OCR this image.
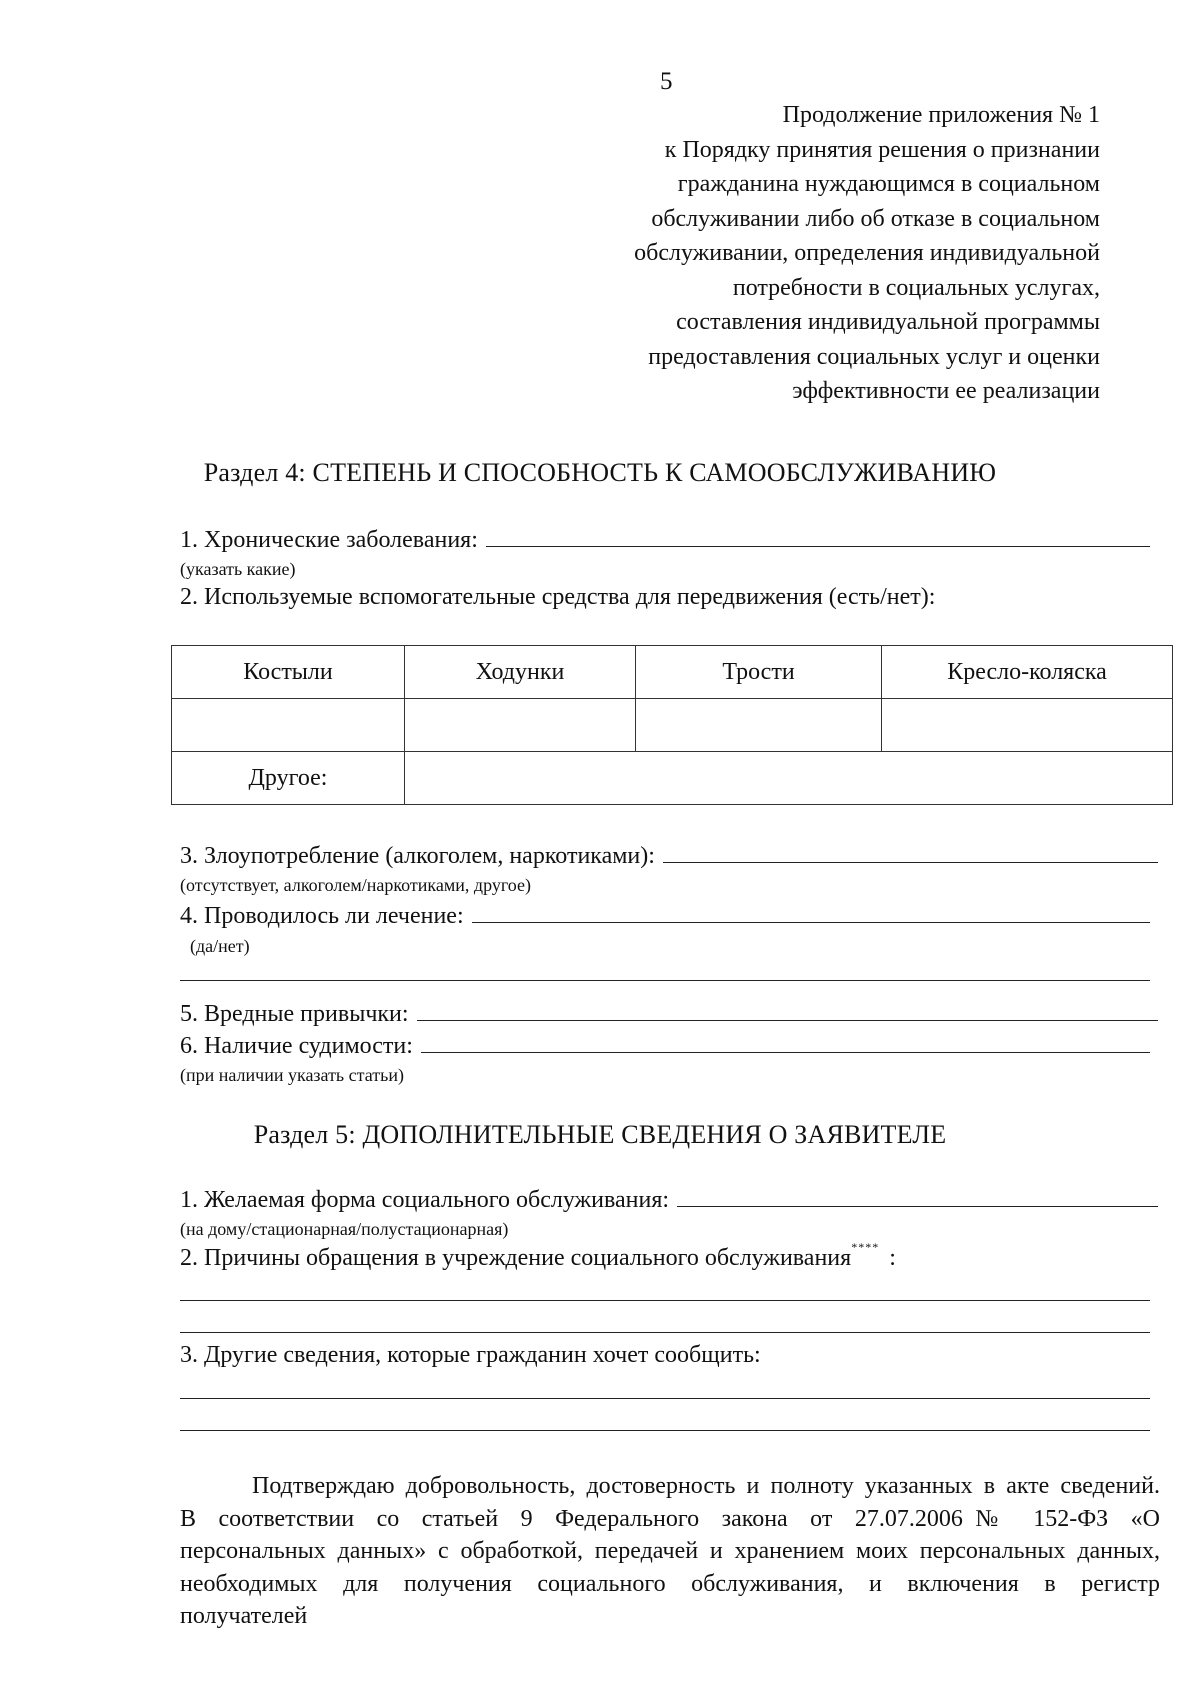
5
Продолжение приложения № 1
к Порядку принятия решения о признании
гражданина нуждающимся в социальном
обслуживании либо об отказе в социальном
обслуживании, определения индивидуальной
потребности в социальных услугах,
составления индивидуальной программы
предоставления социальных услуг и оценки
эффективности ее реализации
Раздел 4: СТЕПЕНЬ И СПОСОБНОСТЬ К САМООБСЛУЖИВАНИЮ
1. Хронические заболевания:
(указать какие)
2. Используемые вспомогательные средства для передвижения (есть/нет):
Костыли	Ходунки	Трости	Кресло-коляска

Другое:			
3. Злоупотребление (алкоголем, наркотиками):
(отсутствует, алкоголем/наркотиками, другое)
4. Проводилось ли лечение:
(да/нет)
5. Вредные привычки:
6. Наличие судимости:
(при наличии указать статьи)
Раздел 5: ДОПОЛНИТЕЛЬНЫЕ СВЕДЕНИЯ О ЗАЯВИТЕЛЕ
1. Желаемая форма социального обслуживания:
(на дому/стационарная/полустационарная)
2. Причины обращения в учреждение социального обслуживания **** :
3. Другие сведения, которые гражданин хочет сообщить:
Подтверждаю добровольность, достоверность и полноту указанных в акте сведений. В соответствии со статьей 9 Федерального закона от 27.07.2006№ 152-ФЗ «О персональных данных» с обработкой, передачей и хранением моих персональных данных, необходимых для получения социального обслуживания, и включения в регистр получателей
